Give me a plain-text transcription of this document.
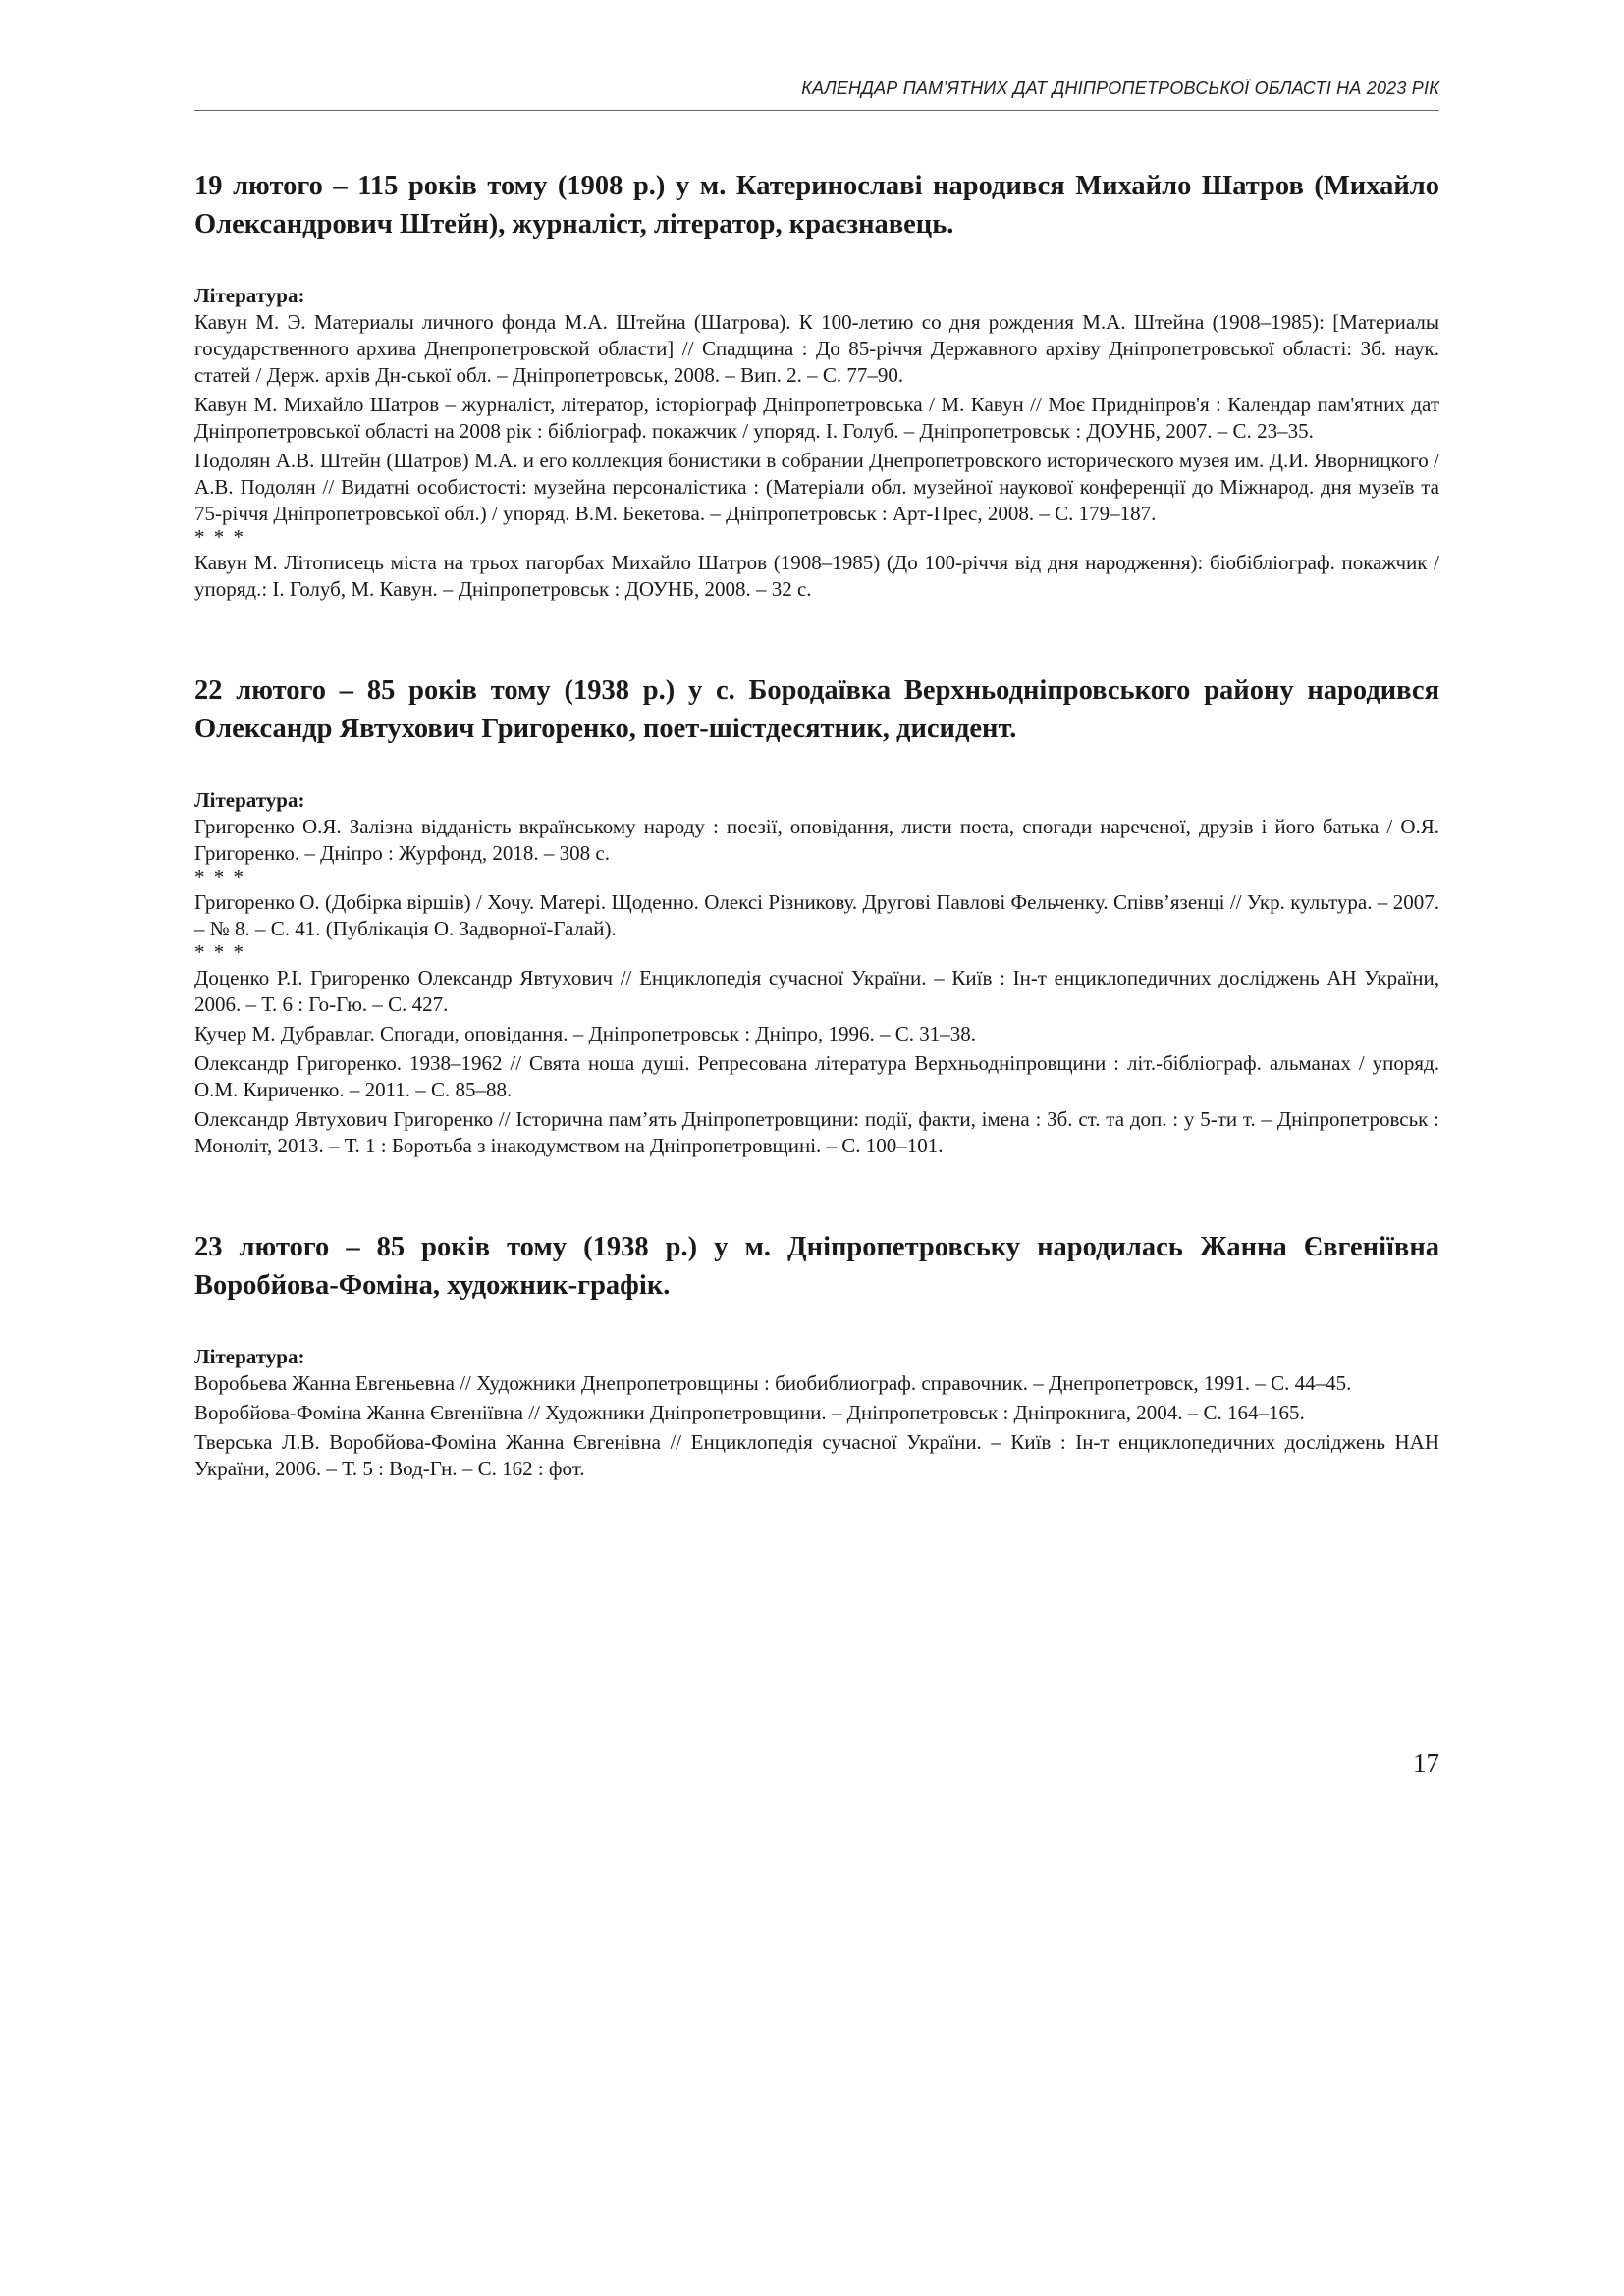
КАЛЕНДАР ПАМ’ЯТНИХ ДАТ ДНІПРОПЕТРОВСЬКОЇ ОБЛАСТІ НА 2023 РІК
19 лютого – 115 років тому (1908 р.) у м. Катеринославі народився Михайло Шатров (Михайло Олександрович Штейн), журналіст, літератор, краєзнавець.
Література:

Кавун М. Э. Материалы личного фонда М.А. Штейна (Шатрова). К 100-летию со дня рождения М.А. Штейна (1908–1985): [Материалы государственного архива Днепропетровской области] // Спадщина : До 85-річчя Державного архіву Дніпропетровської області: Зб. наук. статей / Держ. архів Дн-ської обл. – Дніпропетровськ, 2008. – Вип. 2. – С. 77–90.

Кавун М. Михайло Шатров – журналіст, літератор, історіограф Дніпропетровська / М. Кавун // Моє Придніпров'я : Календар пам'ятних дат Дніпропетровської області на 2008 рік : бібліограф. покажчик / упоряд. І. Голуб. – Дніпропетровськ : ДОУНБ, 2007. – С. 23–35.

Подолян А.В. Штейн (Шатров) М.А. и его коллекция бонистики в собрании Днепропетровского исторического музея им. Д.И. Яворницкого / А.В. Подолян // Видатні особистості: музейна персоналістика : (Матеріали обл. музейної наукової конференції до Міжнарод. дня музеїв та 75-річчя Дніпропетровської обл.) / упоряд. В.М. Бекетова. – Дніпропетровськ : Арт-Прес, 2008. – С. 179–187.

* * *

Кавун М. Літописець міста на трьох пагорбах Михайло Шатров (1908–1985) (До 100-річчя від дня народження): біобібліограф. покажчик / упоряд.: І. Голуб, М. Кавун. – Дніпропетровськ : ДОУНБ, 2008. – 32 с.

22 лютого – 85 років тому (1938 р.) у с. Бородаївка Верхньодніпровського району народився Олександр Явтухович Григоренко, поет-шістдесятник, дисидент.
Література:

Григоренко О.Я. Залізна відданість вкраїнському народу : поезії, оповідання, листи поета, спогади нареченої, друзів і його батька / О.Я. Григоренко. – Дніпро : Журфонд, 2018. – 308 с.

* * *

Григоренко О. (Добірка віршів) / Хочу. Матері. Щоденно. Олексі Різникову. Другові Павлові Фельченку. Співв’язенці // Укр. культура. – 2007. – № 8. – С. 41. (Публікація О. Задворної-Галай).

* * *

Доценко Р.І. Григоренко Олександр Явтухович // Енциклопедія сучасної України. – Київ : Ін-т енциклопедичних досліджень АН України, 2006. – Т. 6 : Го-Гю. – С. 427.

Кучер М. Дубравлаг. Спогади, оповідання. – Дніпропетровськ : Дніпро, 1996. – С. 31–38.

Олександр Григоренко. 1938–1962 // Свята ноша душі. Репресована література Верхньодніпровщини : літ.-бібліограф. альманах / упоряд. О.М. Кириченко. – 2011. – С. 85–88.

Олександр Явтухович Григоренко // Історична пам’ять Дніпропетровщини: події, факти, імена : Зб. ст. та доп. : у 5-ти т. – Дніпропетровськ : Моноліт, 2013. – Т. 1 : Боротьба з інакодумством на Дніпропетровщині. – С. 100–101.

23 лютого – 85 років тому (1938 р.) у м. Дніпропетровську народилась Жанна Євгеніївна Воробйова-Фоміна, художник-графік.
Література:

Воробьева Жанна Евгеньевна // Художники Днепропетровщины : биобиблиограф. справочник. – Днепропетровск, 1991. – С. 44–45.

Воробйова-Фоміна Жанна Євгеніївна // Художники Дніпропетровщини. – Дніпропетровськ : Дніпрокнига, 2004. – С. 164–165.

Тверська Л.В. Воробйова-Фоміна Жанна Євгенівна // Енциклопедія сучасної України. – Київ : Ін-т енциклопедичних досліджень НАН України, 2006. – Т. 5 : Вод-Гн. – С. 162 : фот.

17
